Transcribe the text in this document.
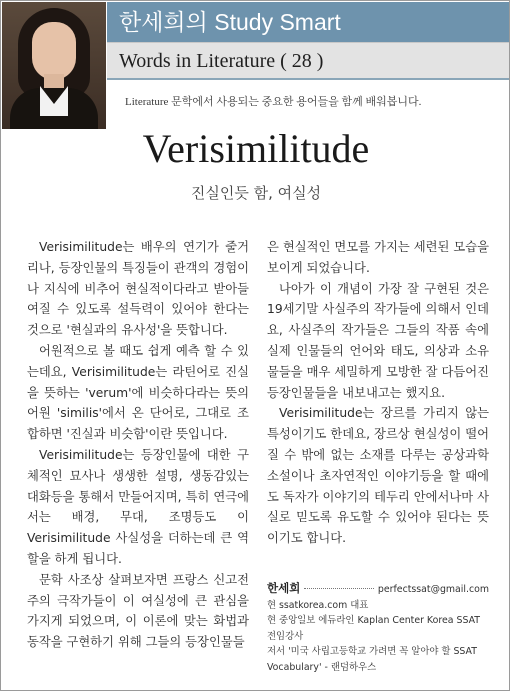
한세희의 Study Smart
Words in Literature ( 28 )
Literature 문학에서 사용되는 중요한 용어들을 함께 배워봅니다.
Verisimilitude
진실인듯 함, 여실성

Verisimilitude는 배우의 연기가 줄거리나, 등장인물의 특징들이 관객의 경험이나 지식에 비추어 현실적이다라고 받아들여질 수 있도록 설득력이 있어야 한다는 것으로 '현실과의 유사성'을 뜻합니다.

어원적으로 볼 때도 쉽게 예측 할 수 있는데요, Verisimilitude는 라틴어로 진실을 뜻하는 'verum'에 비슷하다라는 뜻의 어원 'similis'에서 온 단어로, 그대로 조합하면 '진실과 비슷함'이란 뜻입니다.

Verisimilitude는 등장인물에 대한 구체적인 묘사나 생생한 설명, 생동감있는 대화등을 통해서 만들어지며, 특히 연극에서는 배경, 무대, 조명등도 이 Verisimilitude 사실성을 더하는데 큰 역할을 하게 됩니다.

문학 사조상 살펴보자면 프랑스 신고전주의 극작가들이 이 여실성에 큰 관심을 가지게 되었으며, 이 이론에 맞는 화법과 동작을 구현하기 위해 그들의 등장인물들

은 현실적인 면모를 가지는 세련된 모습을 보이게 되었습니다.

나아가 이 개념이 가장 잘 구현된 것은 19세기말 사실주의 작가들에 의해서 인데요, 사실주의 작가들은 그들의 작품 속에 실제 인물들의 언어와 태도, 의상과 소유물들을 매우 세밀하게 모방한 잘 다듬어진 등장인물들을 내보내고는 했지요.

Verisimilitude는 장르를 가리지 않는 특성이기도 한데요, 장르상 현실성이 떨어질 수 밖에 없는 소재를 다루는 공상과학소설이나 초자연적인 이야기등을 할 때에도 독자가 이야기의 테두리 안에서나마 사실로 믿도록 유도할 수 있어야 된다는 뜻이기도 합니다.

한세희	perfectssat@gmail.com
현 ssatkorea.com 대표
현 중앙일보 에듀라인 Kaplan Center Korea SSAT 전임강사
저서 '미국 사립고등학교 가려면 꼭 알아야 할 SSAT Vocabulary' - 랜덤하우스
